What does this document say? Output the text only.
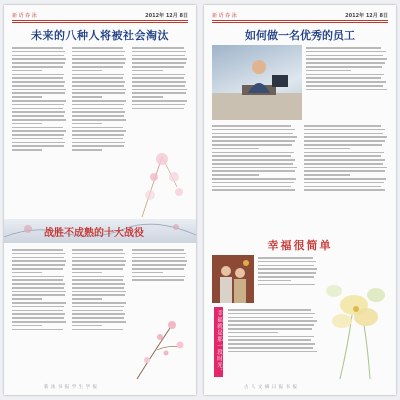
新 语 春 泳	2012年 12月 8日
未来的八种人将被社会淘汰
战胜不成熟的十大战役
新 泳 书 报 学 生 学 报
新 语 春 泳	2012年 12月 8日
如何做一名优秀的员工
幸福很简单
幸福就是那一段时光，最平凡的小事中
古 人 文 摘 日 报 书 报
